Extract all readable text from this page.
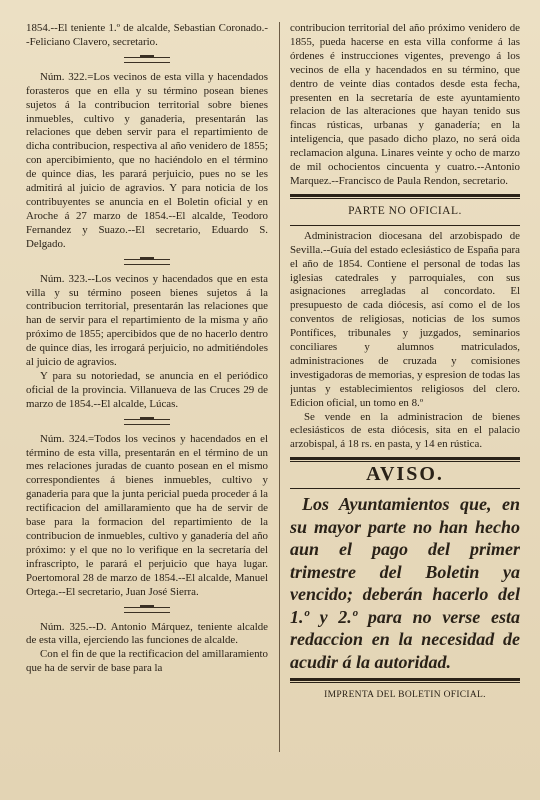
1854.--El teniente 1.º de alcalde, Sebastian Coronado.--Feliciano Clavero, secretario.

Núm. 322.=Los vecinos de esta villa y hacendados forasteros que en ella y su término posean bienes sujetos á la contribucion territorial sobre bienes inmuebles, cultivo y ganaderia, presentarán las relaciones que deben servir para el repartimiento de dicha contribucion, respectiva al año venidero de 1855; con apercibimiento, que no haciéndolo en el término de quince dias, les parará perjuicio, pues no se les admitirá al juicio de agravios. Y para noticia de los contribuyentes se anuncia en el Boletin oficial y en Aroche á 27 marzo de 1854.--El alcalde, Teodoro Fernandez y Suazo.--El secretario, Eduardo S. Delgado.

Núm. 323.--Los vecinos y hacendados que en esta villa y su término poseen bienes sujetos á la contribucion territorial, presentarán las relaciones que han de servir para el repartimiento de la misma y año próximo de 1855; apercibidos que de no hacerlo dentro de quince dias, les irrogará perjuicio, no admitiéndoles al juicio de agravios.

Y para su notoriedad, se anuncia en el periódico oficial de la provincia. Villanueva de las Cruces 29 de marzo de 1854.--El alcalde, Lúcas.

Núm. 324.=Todos los vecinos y hacendados en el término de esta villa, presentarán en el término de un mes relaciones juradas de cuanto posean en el mismo correspondientes á bienes inmuebles, cultivo y ganaderia para que la junta pericial pueda proceder á la rectificacion del amillaramiento que ha de servir de base para la formacion del repartimiento de la contribucion de inmuebles, cultivo y ganadería del año próximo: y el que no lo verifique en la secretaría del infrascripto, le parará el perjuicio que haya lugar. Poertomoral 28 de marzo de 1854.--El alcalde, Manuel Ortega.--El secretario, Juan José Sierra.

Núm. 325.--D. Antonio Márquez, teniente alcalde de esta villa, ejerciendo las funciones de alcalde.

Con el fin de que la rectificacion del amillaramiento que ha de servir de base para la

contribucion territorial del año próximo venidero de 1855, pueda hacerse en esta villa conforme á las órdenes é instrucciones vigentes, prevengo á los vecinos de ella y hacendados en su término, que dentro de veinte dias contados desde esta fecha, presenten en la secretaría de este ayuntamiento relacion de las alteraciones que hayan tenido sus fincas rústicas, urbanas y ganadería; en la inteligencia, que pasado dicho plazo, no será oida reclamacion alguna. Linares veinte y ocho de marzo de mil ochocientos cincuenta y cuatro.--Antonio Marquez.--Francisco de Paula Rendon, secretario.

PARTE NO OFICIAL.

Administracion diocesana del arzobispado de Sevilla.--Guía del estado eclesiástico de España para el año de 1854. Contiene el personal de todas las iglesias catedrales y parroquiales, con sus asignaciones arregladas al concordato. El presupuesto de cada diócesis, así como el de los conventos de religiosas, noticias de los sumos Pontífices, tribunales y juzgados, seminarios conciliares y alumnos matriculados, administraciones de cruzada y comisiones investigadoras de memorias, y espresion de todas las juntas y establecimientos religiosos del clero. Edicion oficial, un tomo en 8.º

Se vende en la administracion de bienes eclesiásticos de esta diócesis, sita en el palacio arzobispal, á 18 rs. en pasta, y 14 en rústica.

AVISO.

Los Ayuntamientos que, en su mayor parte no han hecho aun el pago del primer trimestre del Boletin ya vencido; deberán hacerlo del 1.º y 2.º para no verse esta redaccion en la necesidad de acudir á la autoridad.

IMPRENTA DEL BOLETIN OFICIAL.
